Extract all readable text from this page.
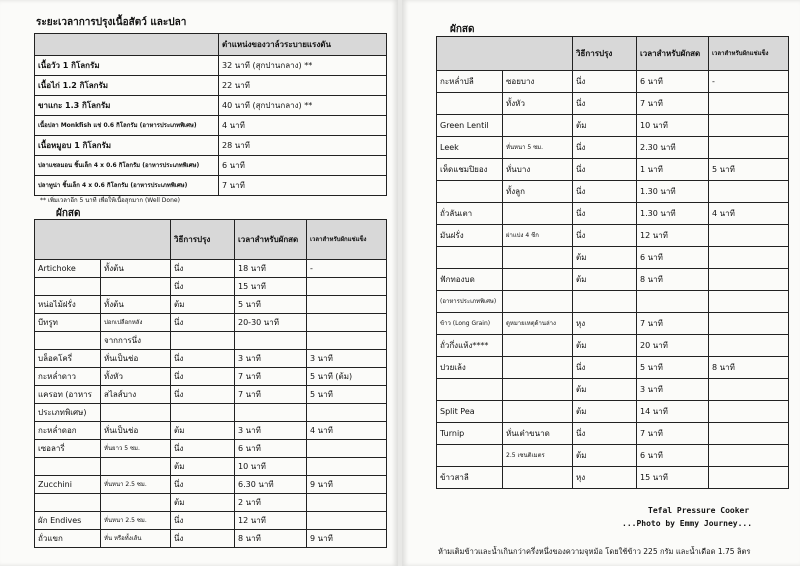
ระยะเวลาการปรุงเนื้อสัตว์ และปลา
	ตำแหน่งของวาล์วระบายแรงดัน
เนื้อวัว 1 กิโลกรัม	32 นาที (สุกปานกลาง) **
เนื้อไก่ 1.2 กิโลกรัม	22 นาที
ขาแกะ 1.3 กิโลกรัม	40 นาที (สุกปานกลาง) **
เนื้อปลา Monkfish แช่ 0.6 กิโลกรัม (อาหารประเภทพิเศษ)	4 นาที
เนื้อหมูอบ 1 กิโลกรัม	28 นาที
ปลาแซลมอน ชิ้นเล็ก 4 x 0.6 กิโลกรัม (อาหารประเภทพิเศษ)	6 นาที
ปลาทูน่า ชิ้นเล็ก 4 x 0.6 กิโลกรัม (อาหารประเภทพิเศษ)	7 นาที
** เพิ่มเวลาอีก 5 นาที เพื่อให้เนื้อสุกมาก (Well Done)
ผักสด
		วิธีการปรุง	เวลาสำหรับผักสด	เวลาสำหรับผักแช่แข็ง
Artichoke	ทั้งต้น	นึ่ง	18 นาที	-
		นึ่ง	15 นาที	
หน่อไม้ฝรั่ง	ทั้งต้น	ต้ม	5 นาที	
บีทรูท	ปอกเปลือกหลัง	นึ่ง	20-30 นาที	
	จากการนึ่ง			
บล็อคโครี่	หั่นเป็นช่อ	นึ่ง	3 นาที	3 นาที
กะหล่ำดาว	ทั้งหัว	นึ่ง	7 นาที	5 นาที (ต้ม)
แครอท (อาหาร	สไลส์บาง	นึ่ง	7 นาที	5 นาที
ประเภทพิเศษ)				
กะหล่ำดอก	หั่นเป็นช่อ	ต้ม	3 นาที	4 นาที
เซอลารี่	หั่นยาว 5 ซม.	นึ่ง	6 นาที	
		ต้ม	10 นาที	
Zucchini	หั่นหนา 2.5 ซม.	นึ่ง	6.30 นาที	9 นาที
		ต้ม	2 นาที	
ผัก Endives	หั่นหนา 2.5 ซม.	นึ่ง	12 นาที	
ถั่วแขก	หั่น หรือทั้งเส้น	นึ่ง	8 นาที	9 นาที
ผักสด
		วิธีการปรุง	เวลาสำหรับผักสด	เวลาสำหรับผักแช่แข็ง
กะหล่ำปลี	ซอยบาง	นึ่ง	6 นาที	-
	ทั้งหัว	นึ่ง	7 นาที	
Green Lentil		ต้ม	10 นาที	
Leek	หั่นหนา 5 ซม.	นึ่ง	2.30 นาที	
เห็ดแชมปิยอง	หั่นบาง	นึ่ง	1 นาที	5 นาที
	ทั้งลูก	นึ่ง	1.30 นาที	
ถั่วลันเตา		นึ่ง	1.30 นาที	4 นาที
มันฝรั่ง	ผ่าแบ่ง 4 ชีก	นึ่ง	12 นาที	
		ต้ม	6 นาที	
ฟักทองบด		ต้ม	8 นาที	
(อาหารประเภทพิเศษ)				
ข้าว (Long Grain)	ดูหมายเหตุด้านล่าง	หุง	7 นาที	
ถั่วกึ่งแห้ง****		ต้ม	20 นาที	
ปวยเล้ง		นึ่ง	5 นาที	8 นาที
		ต้ม	3 นาที	
Split Pea		ต้ม	14 นาที	
Turnip	หั่นเต๋าขนาด	นึ่ง	7 นาที	
	2.5 เซนติเมตร	ต้ม	6 นาที	
ข้าวสาลี		หุง	15 นาที	
Tefal Pressure Cooker
...Photo by Emmy Journey...
ห้ามเติมข้าวและน้ำเกินกว่าครึ่งหนึ่งของความจุหม้อ โดยใช้ข้าว 225 กรัม และน้ำเดือด 1.75 ลิตร
